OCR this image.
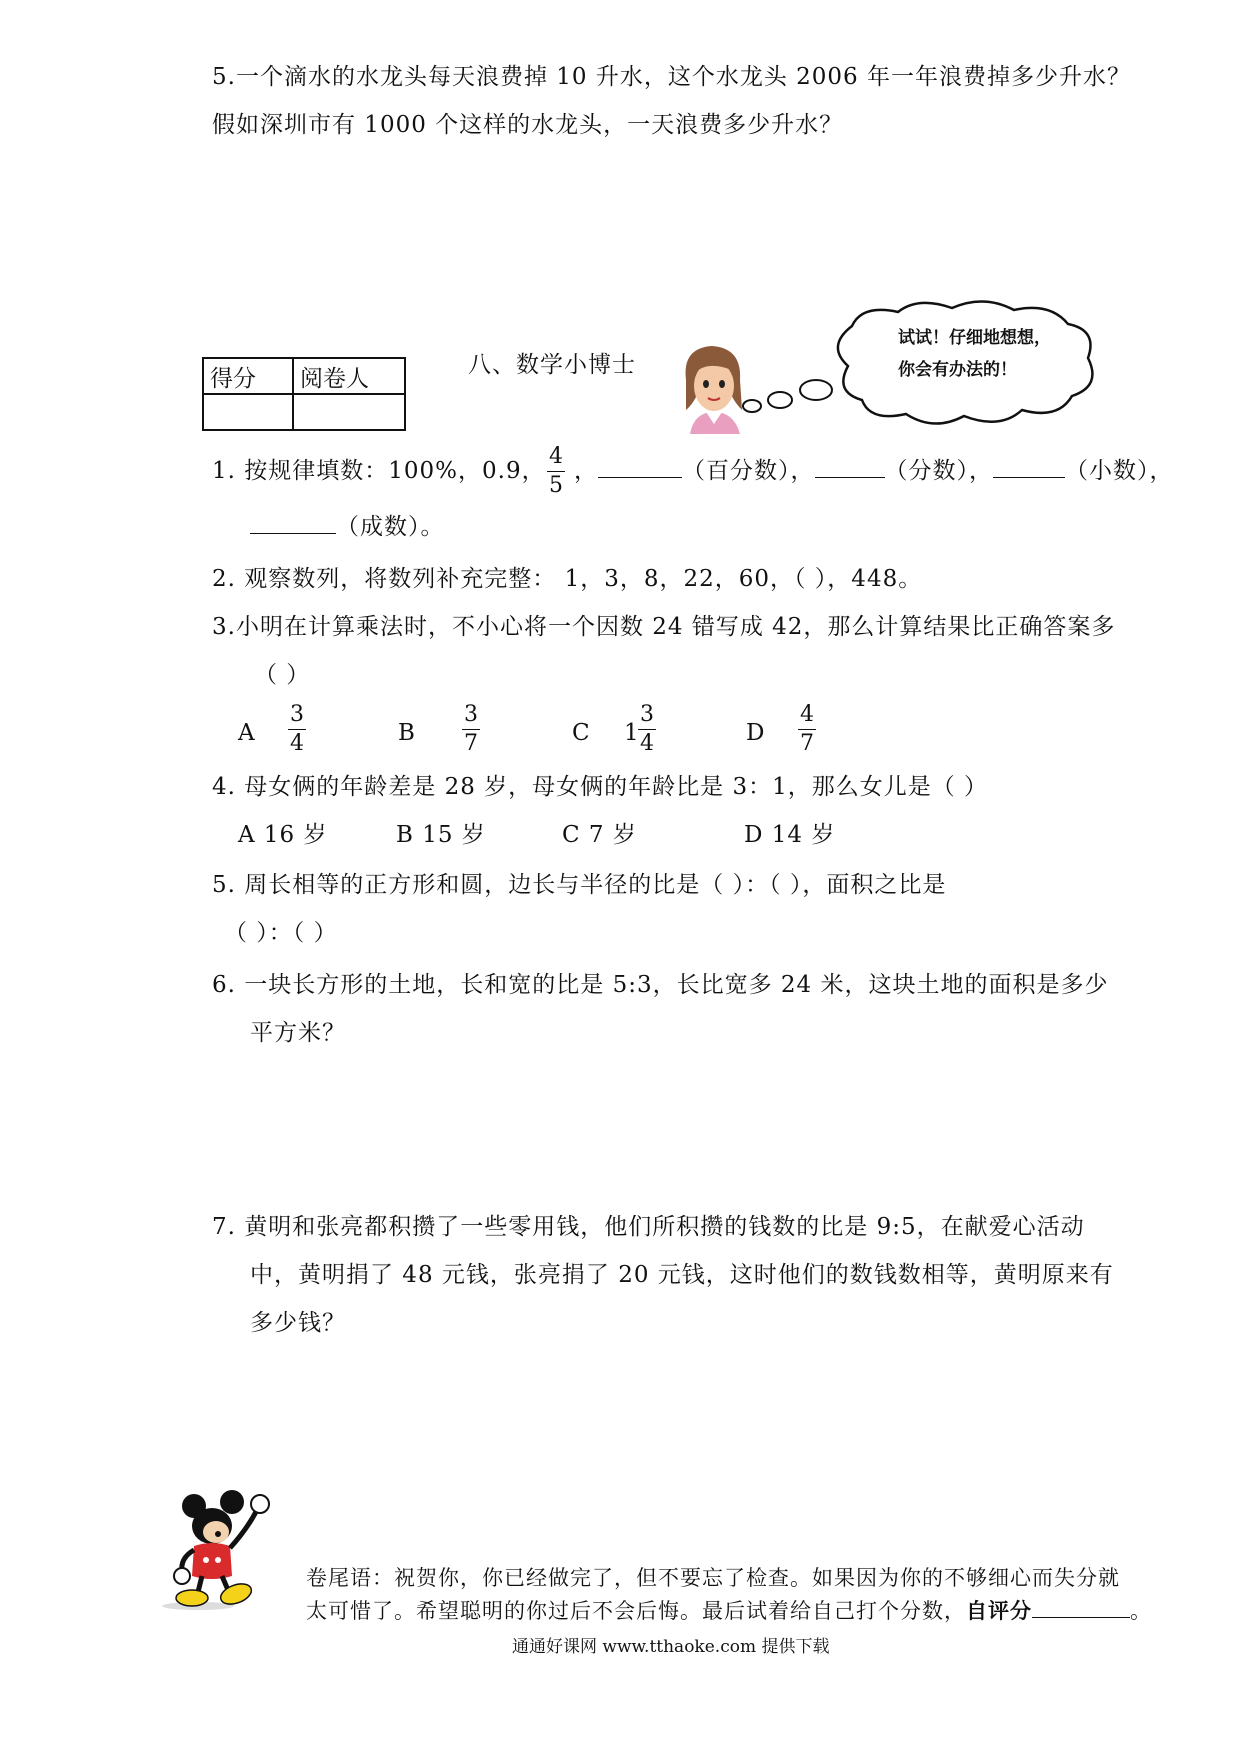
5.一个滴水的水龙头每天浪费掉 10 升水，这个水龙头 2006 年一年浪费掉多少升水？
假如深圳市有 1000 个这样的水龙头，一天浪费多少升水？
得分	阅卷人

八、数学小博士
试试！仔细地想想，
你会有办法的！
1. 按规律填数：100%，0.9，
4
5
，	（百分数），	（分数），	（小数），
（成数）。
2. 观察数列，将数列补充完整： 1，3，8，22，60，（ ），448。
3.小明在计算乘法时，不小心将一个因数 24 错写成 42，那么计算结果比正确答案多
（ ）
A
3
4	B
3
7	C 1
3
4	D
4
7
4. 母女俩的年龄差是 28 岁，母女俩的年龄比是 3：1，那么女儿是（ ）
A 16 岁	B 15 岁	C 7 岁	D 14 岁
5. 周长相等的正方形和圆，边长与半径的比是（ ）：（ ），面积之比是
（ ）：（ ）
6. 一块长方形的土地，长和宽的比是 5:3，长比宽多 24 米，这块土地的面积是多少
平方米？
7. 黄明和张亮都积攒了一些零用钱，他们所积攒的钱数的比是 9:5，在献爱心活动
中，黄明捐了 48 元钱，张亮捐了 20 元钱，这时他们的数钱数相等，黄明原来有
多少钱？
卷尾语：祝贺你，你已经做完了，但不要忘了检查。如果因为你的不够细心而失分就
太可惜了。希望聪明的你过后不会后悔。最后试着给自己打个分数，自评分	。
通通好课网 www.tthaoke.com 提供下载
